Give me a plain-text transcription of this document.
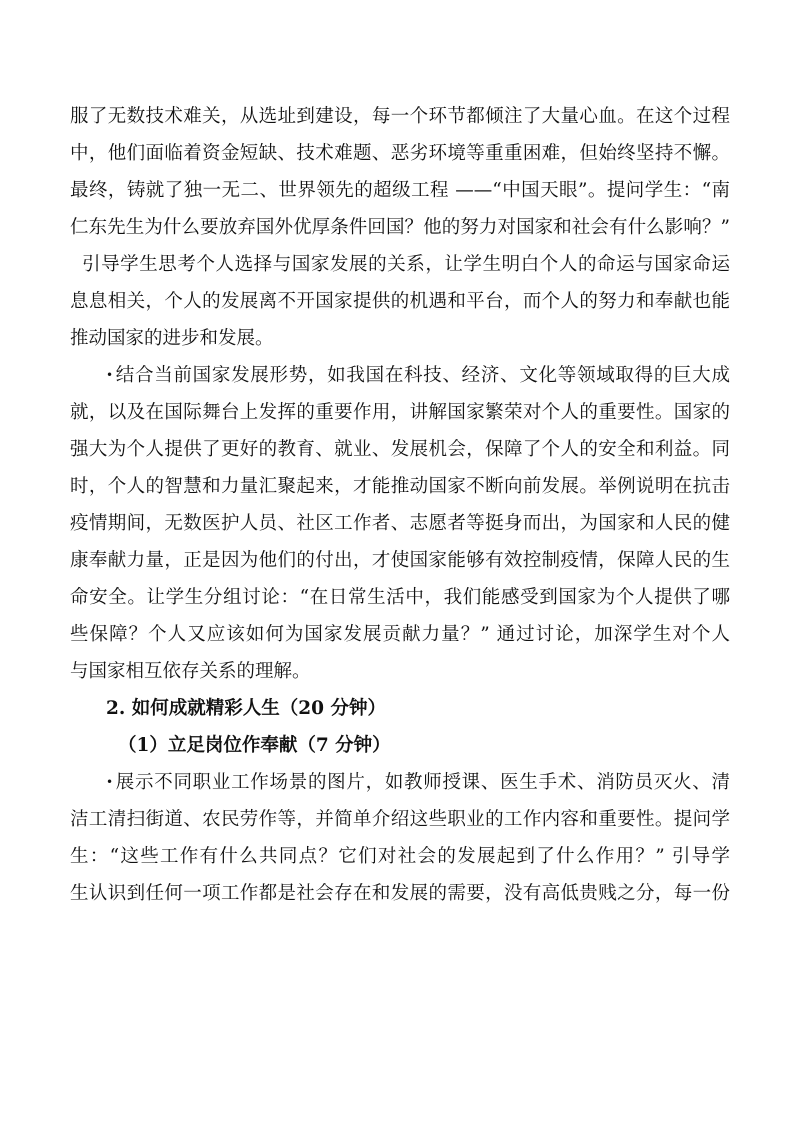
服了无数技术难关，从选址到建设，每一个环节都倾注了大量心血。在这个过程
中，他们面临着资金短缺、技术难题、恶劣环境等重重困难，但始终坚持不懈。
最终，铸就了独一无二、世界领先的超级工程 ——“中国天眼”。提问学生：“南
仁东先生为什么要放弃国外优厚条件回国？他的努力对国家和社会有什么影响？”
引导学生思考个人选择与国家发展的关系，让学生明白个人的命运与国家命运
息息相关，个人的发展离不开国家提供的机遇和平台，而个人的努力和奉献也能
推动国家的进步和发展。
• 结合当前国家发展形势，如我国在科技、经济、文化等领域取得的巨大成
就，以及在国际舞台上发挥的重要作用，讲解国家繁荣对个人的重要性。国家的
强大为个人提供了更好的教育、就业、发展机会，保障了个人的安全和利益。同
时，个人的智慧和力量汇聚起来，才能推动国家不断向前发展。举例说明在抗击
疫情期间，无数医护人员、社区工作者、志愿者等挺身而出，为国家和人民的健
康奉献力量，正是因为他们的付出，才使国家能够有效控制疫情，保障人民的生
命安全。让学生分组讨论：“在日常生活中，我们能感受到国家为个人提供了哪
些保障？个人又应该如何为国家发展贡献力量？” 通过讨论，加深学生对个人
与国家相互依存关系的理解。
2. 如何成就精彩人生（20 分钟）
（1）立足岗位作奉献（7 分钟）
• 展示不同职业工作场景的图片，如教师授课、医生手术、消防员灭火、清
洁工清扫街道、农民劳作等，并简单介绍这些职业的工作内容和重要性。提问学
生：“这些工作有什么共同点？它们对社会的发展起到了什么作用？” 引导学
生认识到任何一项工作都是社会存在和发展的需要，没有高低贵贱之分，每一份
